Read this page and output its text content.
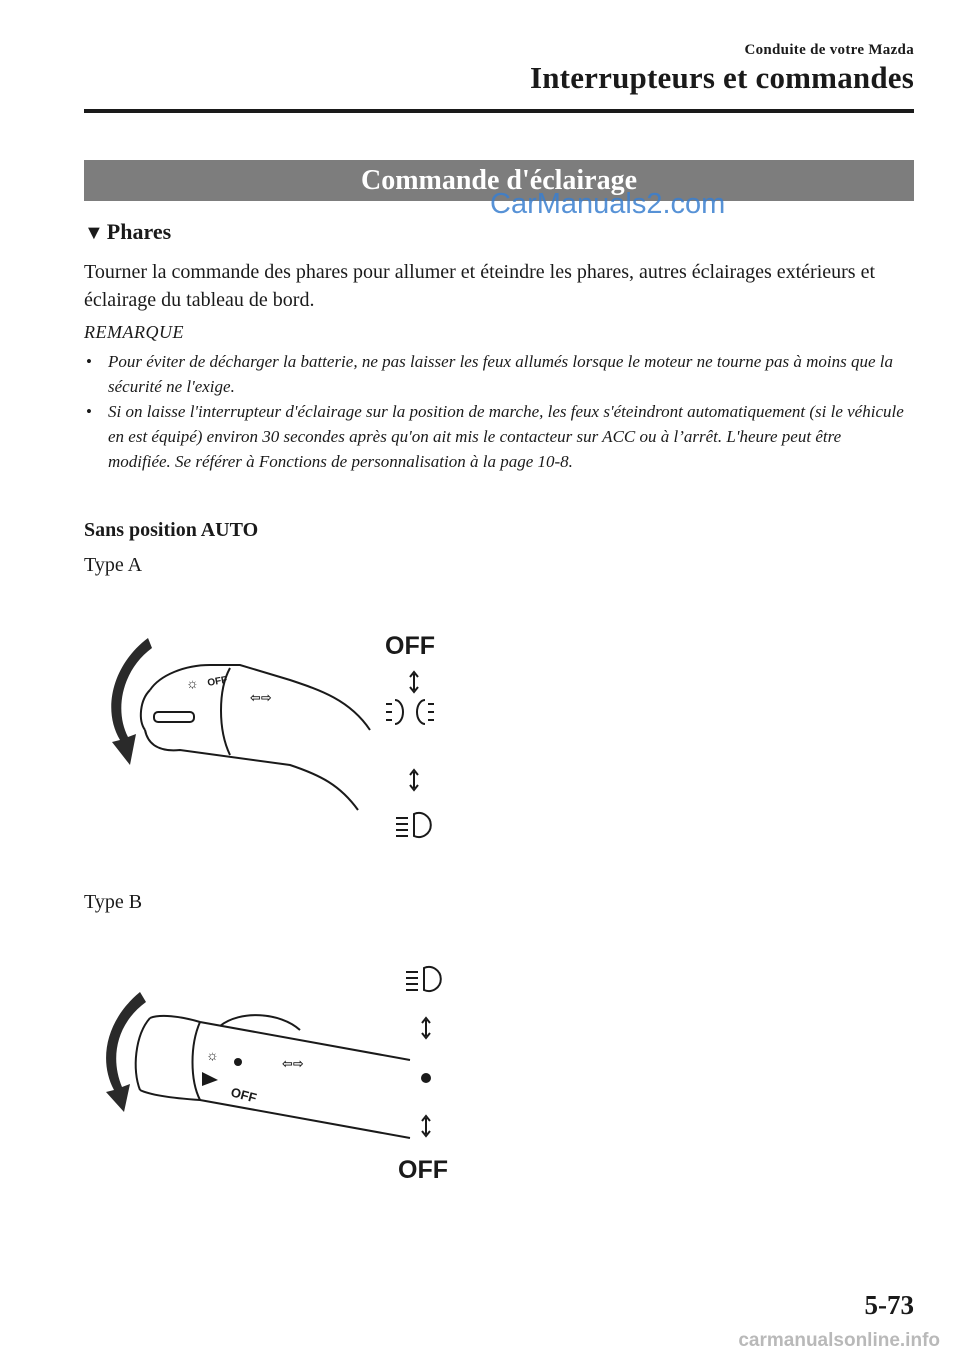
Conduite de votre Mazda
Interrupteurs et commandes
Commande d'éclairage
CarManuals2.com
▼ Phares
Tourner la commande des phares pour allumer et éteindre les phares, autres éclairages extérieurs et éclairage du tableau de bord.
REMARQUE
• Pour éviter de décharger la batterie, ne pas laisser les feux allumés lorsque le moteur ne tourne pas à moins que la sécurité ne l'exige.
• Si on laisse l'interrupteur d'éclairage sur la position de marche, les feux s'éteindront automatiquement (si le véhicule en est équipé) environ 30 secondes après qu'on ait mis le contacteur sur ACC ou à l’arrêt. L'heure peut être modifiée. Se référer à Fonctions de personnalisation à la page 10-8.
Sans position AUTO
Type A
☼ OFF
⇦⇨
OFF
Type B
☼
OFF
⇦⇨
OFF
5-73
carmanualsonline.info
